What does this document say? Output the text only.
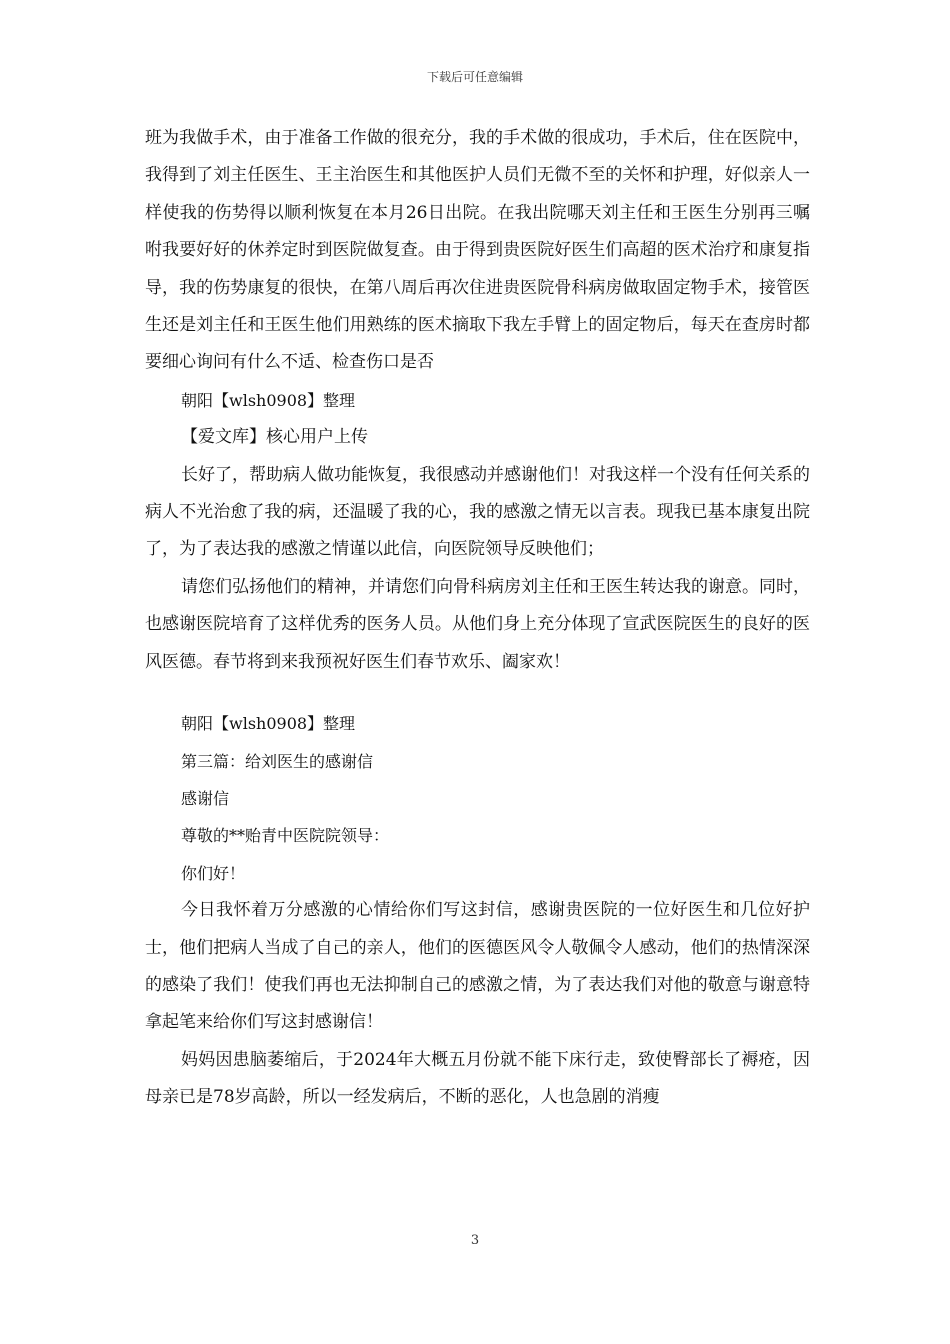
下载后可任意编辑

班为我做手术，由于准备工作做的很充分，我的手术做的很成功，手术后，住在医院中，我得到了刘主任医生、王主治医生和其他医护人员们无微不至的关怀和护理，好似亲人一样使我的伤势得以顺利恢复在本月26日出院。在我出院哪天刘主任和王医生分别再三嘱咐我要好好的休养定时到医院做复查。由于得到贵医院好医生们高超的医术治疗和康复指导，我的伤势康复的很快，在第八周后再次住进贵医院骨科病房做取固定物手术，接管医生还是刘主任和王医生他们用熟练的医术摘取下我左手臂上的固定物后，每天在查房时都要细心询问有什么不适、检查伤口是否

朝阳【wlsh0908】整理

【爱文库】核心用户上传

长好了，帮助病人做功能恢复，我很感动并感谢他们！对我这样一个没有任何关系的病人不光治愈了我的病，还温暖了我的心，我的感激之情无以言表。现我已基本康复出院了，为了表达我的感激之情谨以此信，向医院领导反映他们；

请您们弘扬他们的精神，并请您们向骨科病房刘主任和王医生转达我的谢意。同时，也感谢医院培育了这样优秀的医务人员。从他们身上充分体现了宣武医院医生的良好的医风医德。春节将到来我预祝好医生们春节欢乐、阖家欢！

朝阳【wlsh0908】整理

第三篇：给刘医生的感谢信

感谢信

尊敬的**贻青中医院院领导：

你们好！

今日我怀着万分感激的心情给你们写这封信，感谢贵医院的一位好医生和几位好护士，他们把病人当成了自己的亲人，他们的医德医风令人敬佩令人感动，他们的热情深深的感染了我们！使我们再也无法抑制自己的感激之情，为了表达我们对他的敬意与谢意特拿起笔来给你们写这封感谢信！

妈妈因患脑萎缩后，于2024年大概五月份就不能下床行走，致使臀部长了褥疮，因母亲已是78岁高龄，所以一经发病后，不断的恶化，人也急剧的消瘦

3
